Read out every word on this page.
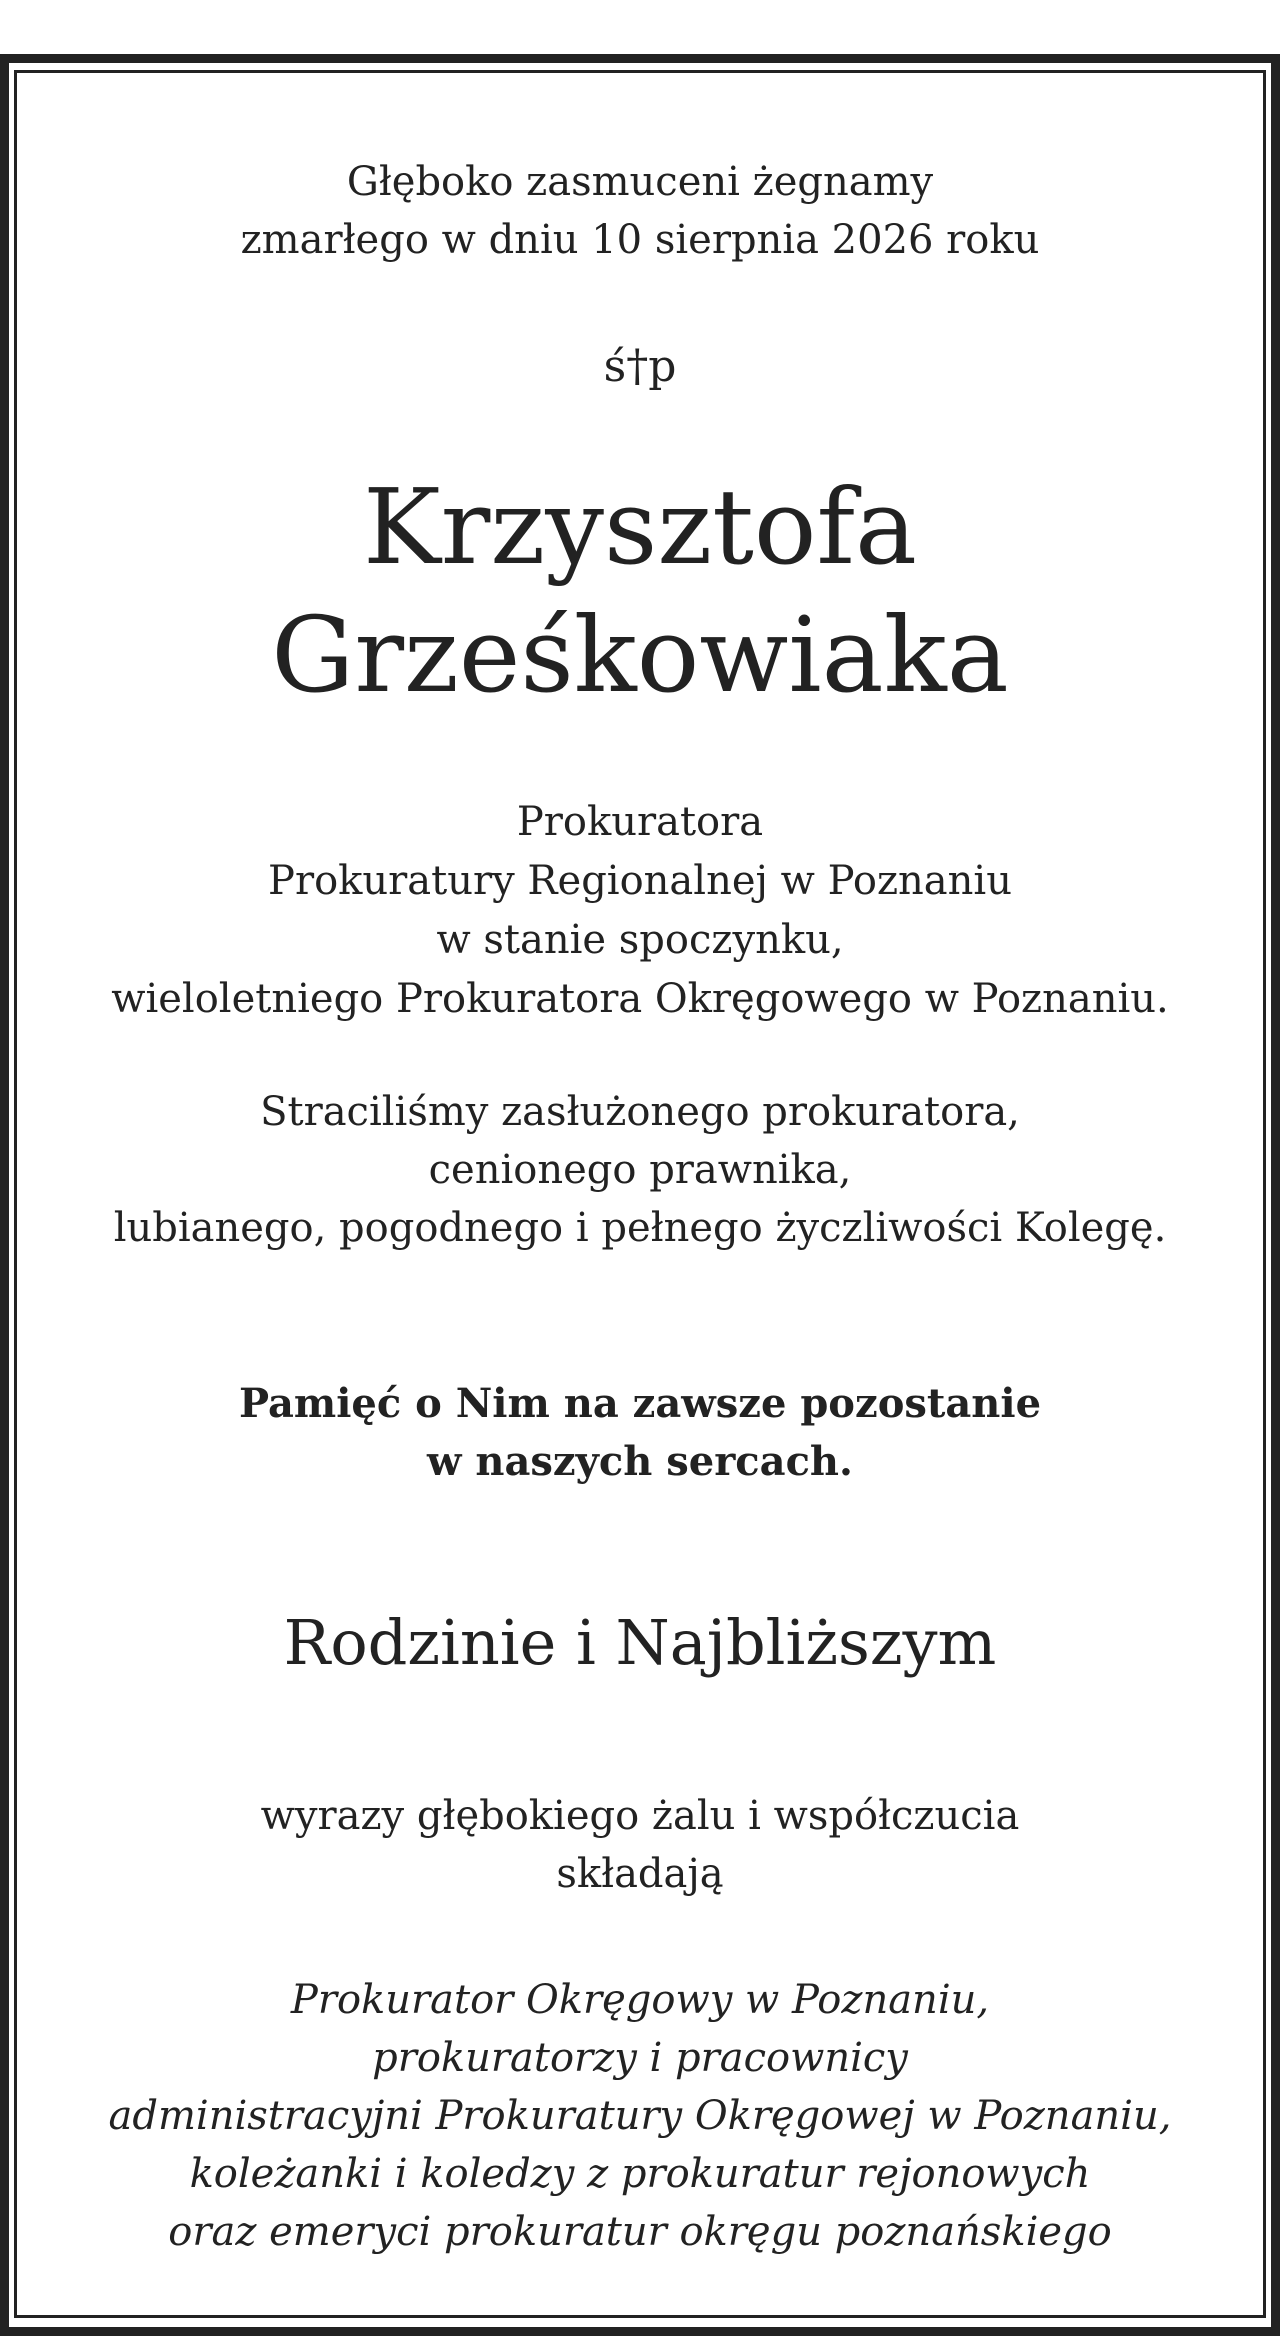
Głęboko zasmuceni żegnamy
zmarłego w dniu 10 sierpnia 2026 roku
ś†p
Krzysztofa
Grześkowiaka
Prokuratora
Prokuratury Regionalnej w Poznaniu
w stanie spoczynku,
wieloletniego Prokuratora Okręgowego w Poznaniu.
Straciliśmy zasłużonego prokuratora,
cenionego prawnika,
lubianego, pogodnego i pełnego życzliwości Kolegę.
Pamięć o Nim na zawsze pozostanie
w naszych sercach.
Rodzinie i Najbliższym
wyrazy głębokiego żalu i współczucia
składają
Prokurator Okręgowy w Poznaniu,
prokuratorzy i pracownicy
administracyjni Prokuratury Okręgowej w Poznaniu,
koleżanki i koledzy z prokuratur rejonowych
oraz emeryci prokuratur okręgu poznańskiego
